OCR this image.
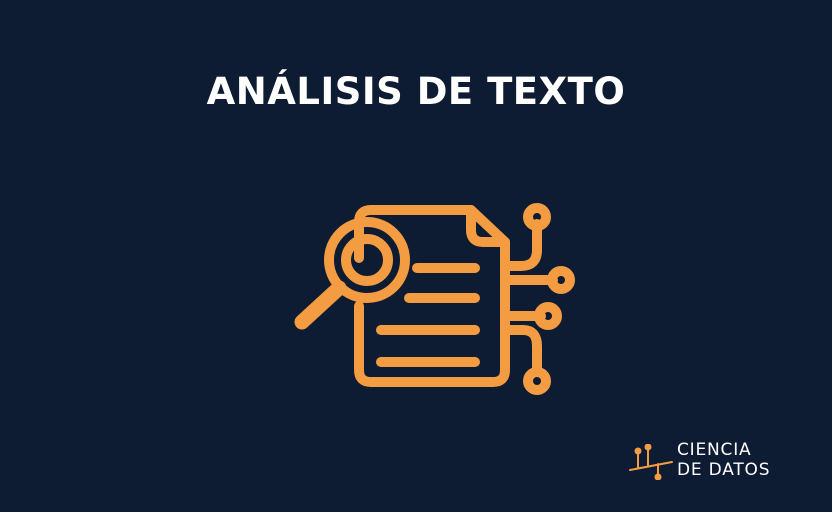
ANÁLISIS DE TEXTO
CIENCIA
DE DATOS
